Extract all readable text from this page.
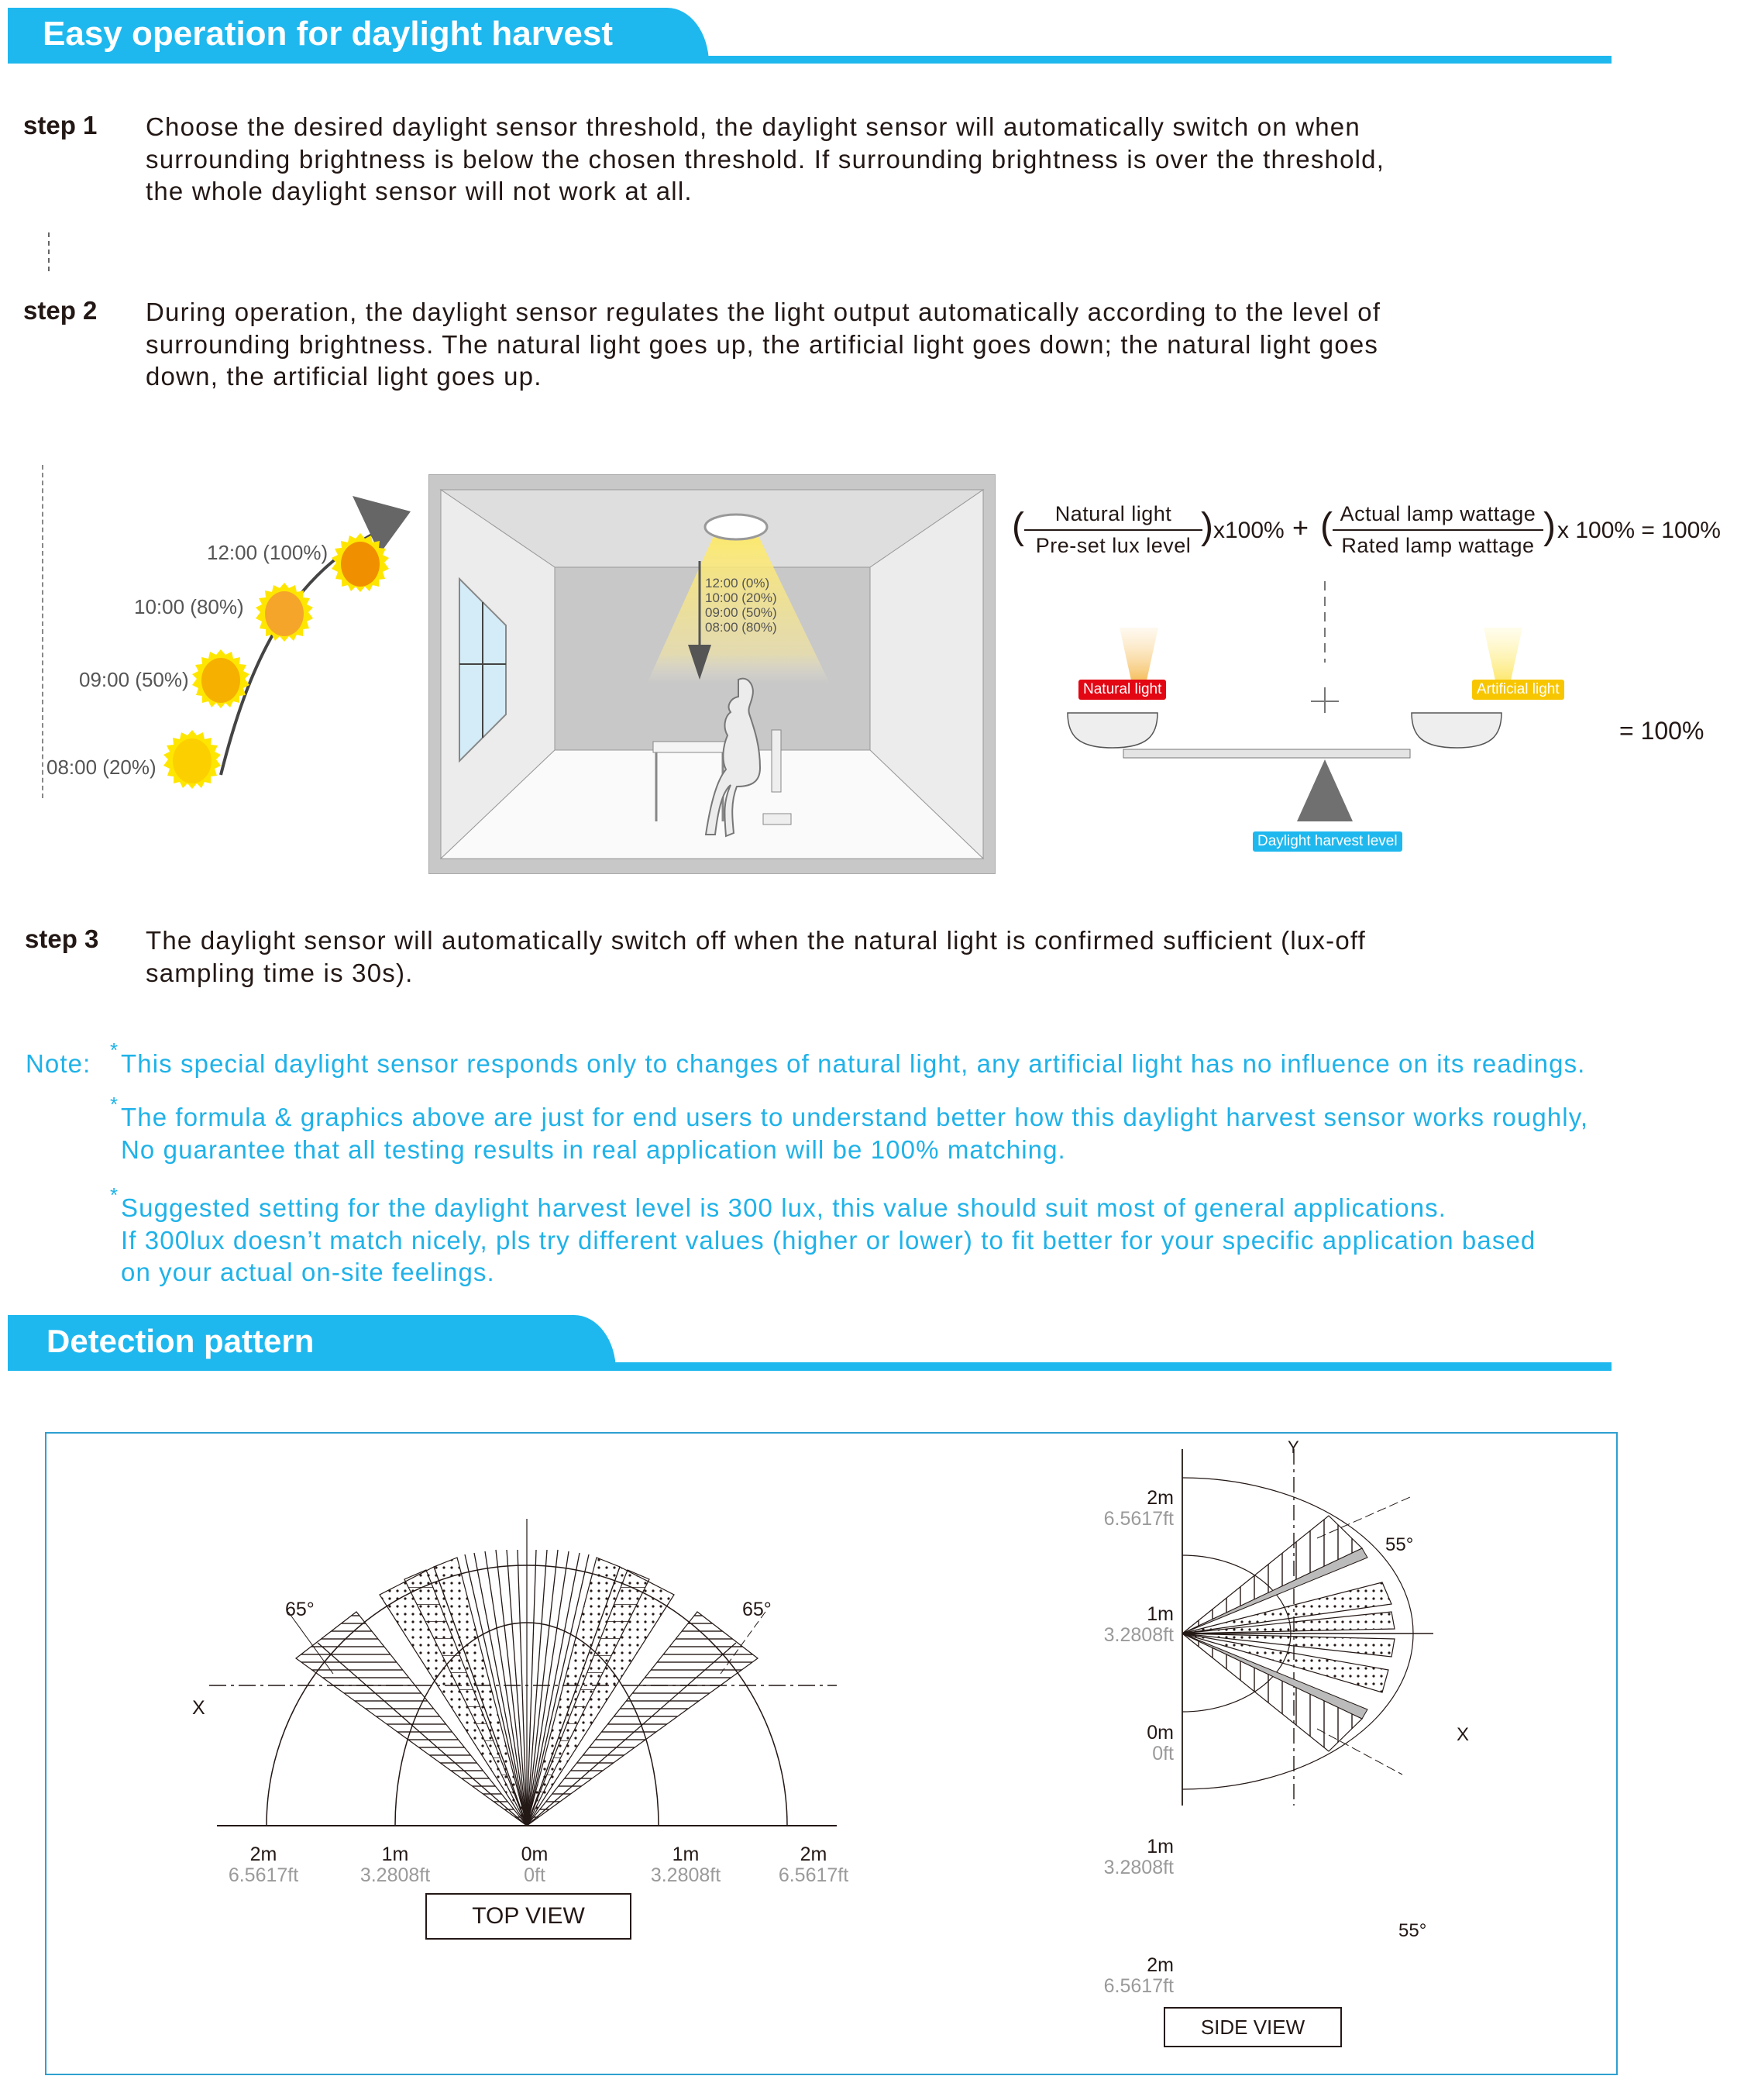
Easy operation for daylight harvest
step 1 Choose the desired daylight sensor threshold, the daylight sensor will automatically switch on when
surrounding brightness is below the chosen threshold. If surrounding brightness is over the threshold,
the whole daylight sensor will not work at all.
step 2 During operation, the daylight sensor regulates the light output automatically according to the level of
surrounding brightness. The natural light goes up, the artificial light goes down; the natural light goes
down, the artificial light goes up.
12:00 (100%)
10:00 (80%)
09:00 (50%)
08:00 (20%)
12:00 (0%)
10:00 (20%)
09:00 (50%)
08:00 (80%)
(	Natural light
Pre-set lux level ) x100% + ( Actual lamp wattage
Rated lamp wattage ) x 100% = 100%
Natural light	Artificial light
Daylight harvest level
= 100%
step 3 The daylight sensor will automatically switch off when the natural light is confirmed sufficient (lux-off
sampling time is 30s).
Note: * This special daylight sensor responds only to changes of natural light, any artificial light has no influence on its readings.
* The formula & graphics above are just for end users to understand better how this daylight harvest sensor works roughly,
No guarantee that all testing results in real application will be 100% matching.
* Suggested setting for the daylight harvest level is 300 lux, this value should suit most of general applications.
If 300lux doesn’t match nicely, pls try different values (higher or lower) to fit better for your specific application based
on your actual on-site feelings.
Detection pattern
65°	65°
X
2m
6.5617ft
1m
3.2808ft
0m
0ft
1m
3.2808ft
2m
6.5617ft
TOP VIEW
Y
X
55°
55°
2m
6.5617ft
1m
3.2808ft
0m
0ft
1m
3.2808ft
2m
6.5617ft
SIDE VIEW
